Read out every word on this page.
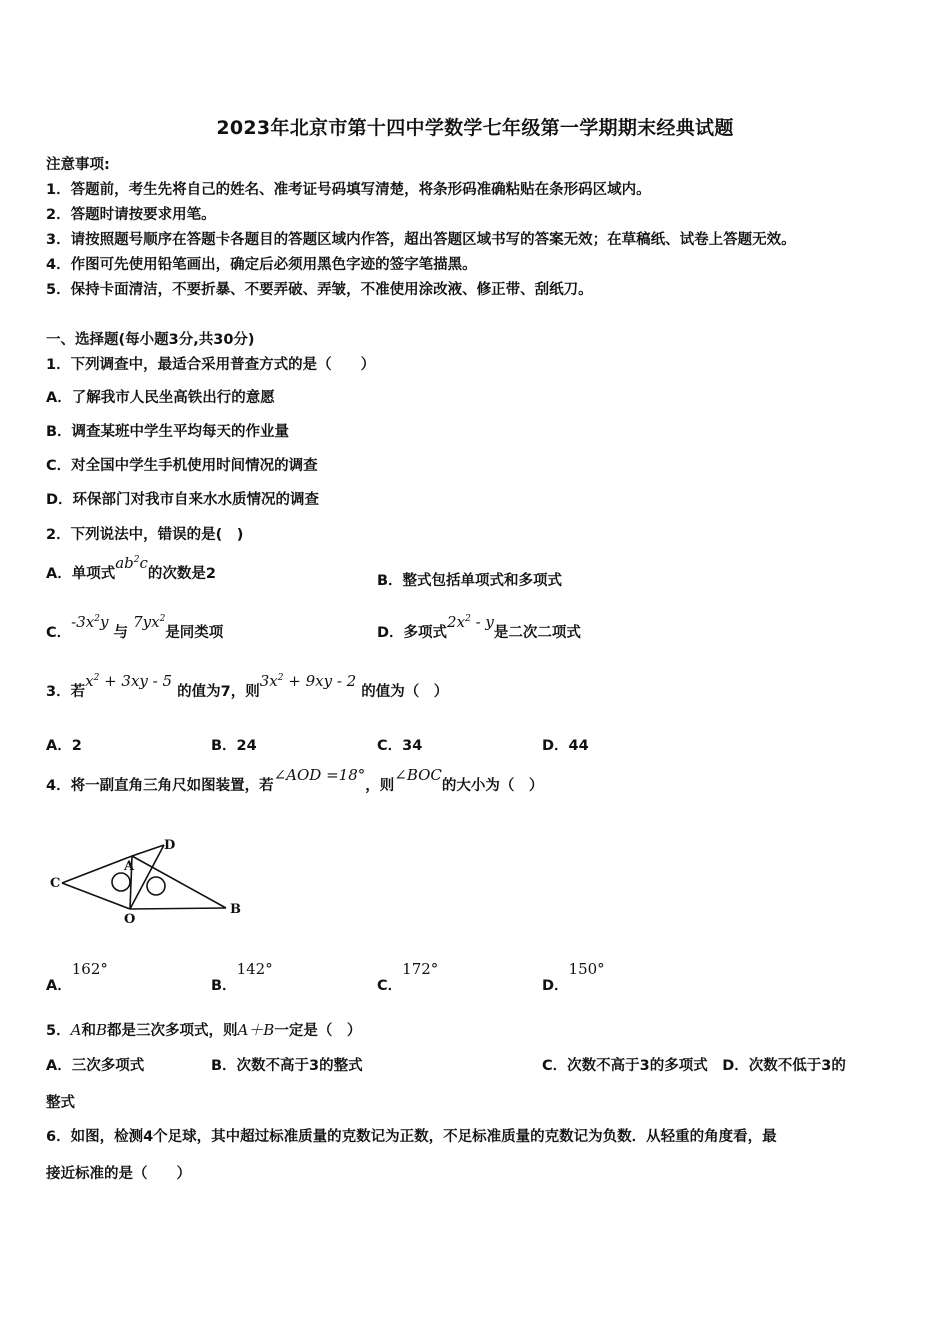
2023年北京市第十四中学数学七年级第一学期期末经典试题
注意事项:
1．答题前，考生先将自己的姓名、准考证号码填写清楚，将条形码准确粘贴在条形码区域内。
2．答题时请按要求用笔。
3．请按照题号顺序在答题卡各题目的答题区域内作答，超出答题区域书写的答案无效；在草稿纸、试卷上答题无效。
4．作图可先使用铅笔画出，确定后必须用黑色字迹的签字笔描黑。
5．保持卡面清洁，不要折暴、不要弄破、弄皱，不准使用涂改液、修正带、刮纸刀。
一、选择题(每小题3分,共30分)
1．下列调查中，最适合采用普查方式的是（　　）
A．了解我市人民坐高铁出行的意愿
B．调查某班中学生平均每天的作业量
C．对全国中学生手机使用时间情况的调查
D．环保部门对我市自来水水质情况的调查
2．下列说法中，错误的是(　)
A．单项式$ab^2c$的次数是2	B．整式包括单项式和多项式
C．$-3x^2y$ 与 $7yx^2$是同类项	D．多项式$2x^2$ - y是二次二项式
3．若$x^2 + 3xy - 5$ 的值为7，则$3x^2 + 9xy - 2$ 的值为（　）
A．2	B．24	C．34	D．44
4．将一副直角三角尺如图装置，若∠AOD =18°，则∠BOC的大小为（　）
C
A
D
O
B
A．162°
B．142°
C．172°
D．150°
5．A和B都是三次多项式，则A＋B一定是（　）
A．三次多项式	B．次数不高于3的整式	C．次数不高于3的多项式　D．次数不低于3的
整式
6．如图，检测4个足球，其中超过标准质量的克数记为正数，不足标准质量的克数记为负数．从轻重的角度看，最
接近标准的是（　　）
